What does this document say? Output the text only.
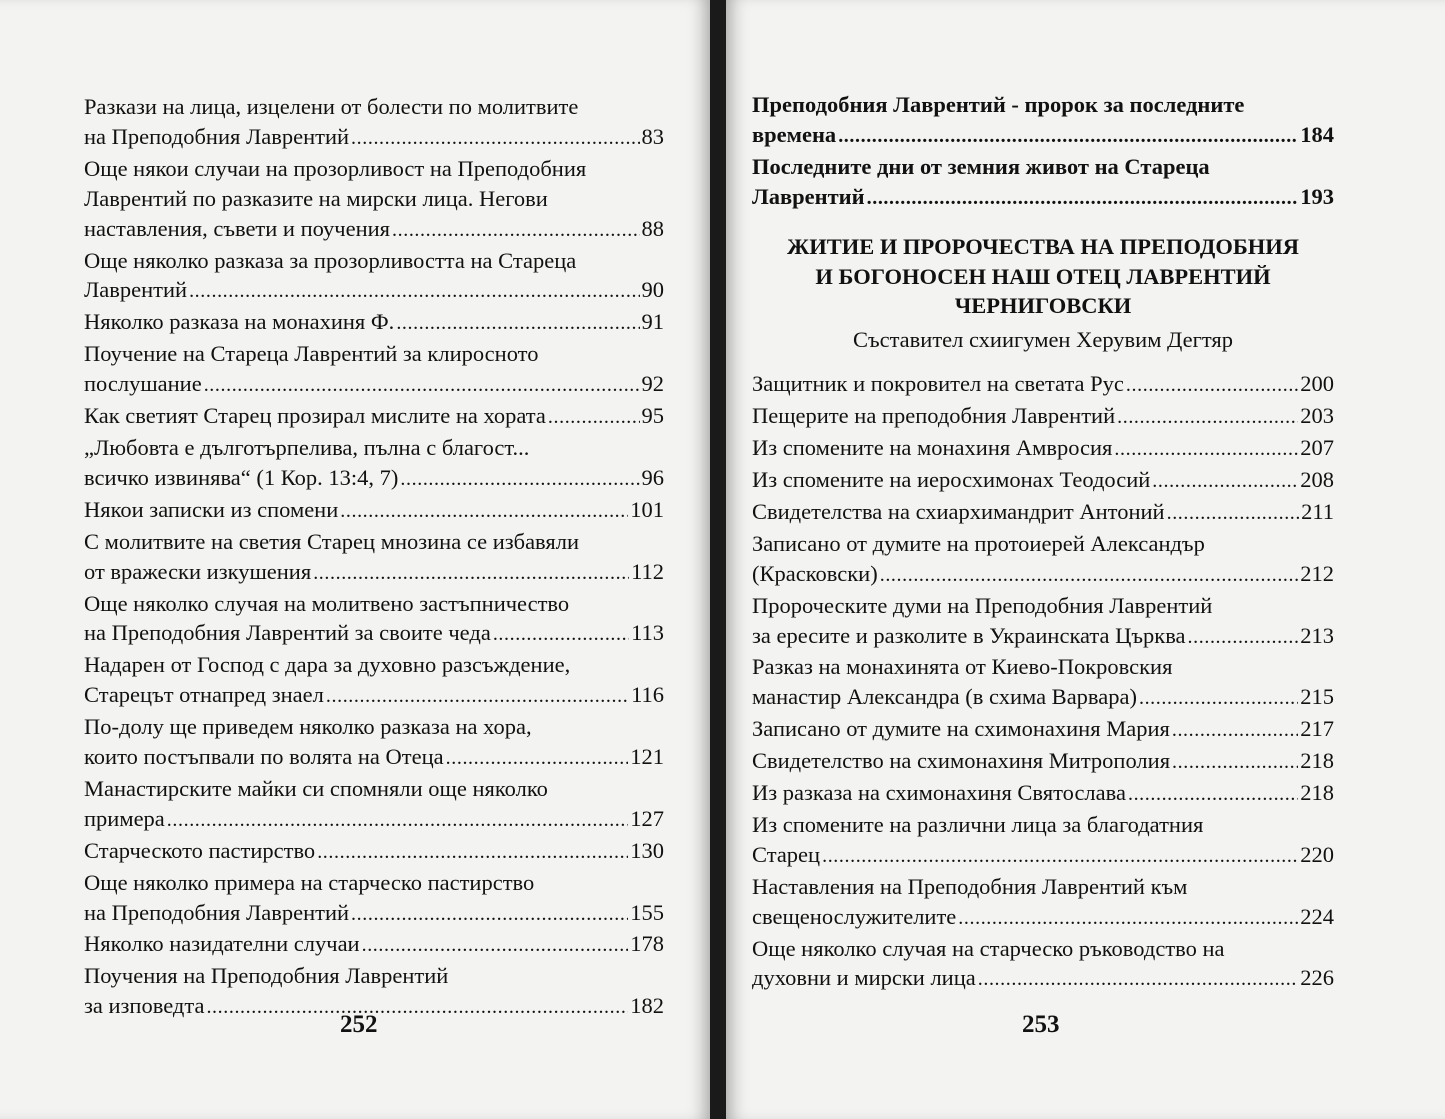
Разкази на лица, изцелени от болести по молитвите
на Преподобния Лаврентий . . .	83
Още някои случаи на прозорливост на Преподобния
Лаврентий по разказите на мирски лица. Негови
наставления, съвети и поучения . . .	88
Още няколко разказа за прозорливостта на Стареца
Лаврентий . . .	90
Няколко разказа на монахиня Ф. . . .	91
Поучение на Стареца Лаврентий за клиросното
послушание . . .	92
Как светият Старец прозирал мислите на хората . . .	95
„Любовта е дълготърпелива, пълна с благост...
всичко извинява“ (1 Кор. 13:4, 7) . . .	96
Някои записки из спомени . . .	101
С молитвите на светия Старец мнозина се избавяли
от вражески изкушения . . .	112
Още няколко случая на молитвено застъпничество
на Преподобния Лаврентий за своите чеда . . .	113
Надарен от Господ с дара за духовно разсъждение,
Старецът отнапред знаел . . .	116
По-долу ще приведем няколко разказа на хора,
които постъпвали по волята на Отеца . . .	121
Манастирските майки си спомняли още няколко
примера . . .	127
Старческото пастирство . . .	130
Още няколко примера на старческо пастирство
на Преподобния Лаврентий . . .	155
Няколко назидателни случаи . . .	178
Поучения на Преподобния Лаврентий
за изповедта . . .	182
252
Преподобния Лаврентий - пророк за последните
времена . . .	184
Последните дни от земния живот на Стареца
Лаврентий . . .	193
ЖИТИЕ И ПРОРОЧЕСТВА НА ПРЕПОДОБНИЯ
И БОГОНОСЕН НАШ ОТЕЦ ЛАВРЕНТИЙ
ЧЕРНИГОВСКИ
Съставител схиигумен Херувим Дегтяр
Защитник и покровител на светата Рус . . .	200
Пещерите на преподобния Лаврентий . . .	203
Из спомените на монахиня Амвросия . . .	207
Из спомените на иеросхимонах Теодосий . . .	208
Свидетелства на схиархимандрит Антоний . . .	211
Записано от думите на протоиерей Александър
(Красковски) . . .	212
Пророческите думи на Преподобния Лаврентий
за ересите и разколите в Украинската Църква . . .	213
Разказ на монахинята от Киево-Покровския
манастир Александра (в схима Варвара) . . .	215
Записано от думите на схимонахиня Мария . . .	217
Свидетелство на схимонахиня Митрополия . . .	218
Из разказа на схимонахиня Святослава . . .	218
Из спомените на различни лица за благодатния
Старец . . .	220
Наставления на Преподобния Лаврентий към
свещенослужителите . . .	224
Още няколко случая на старческо ръководство на
духовни и мирски лица . . .	226
253
